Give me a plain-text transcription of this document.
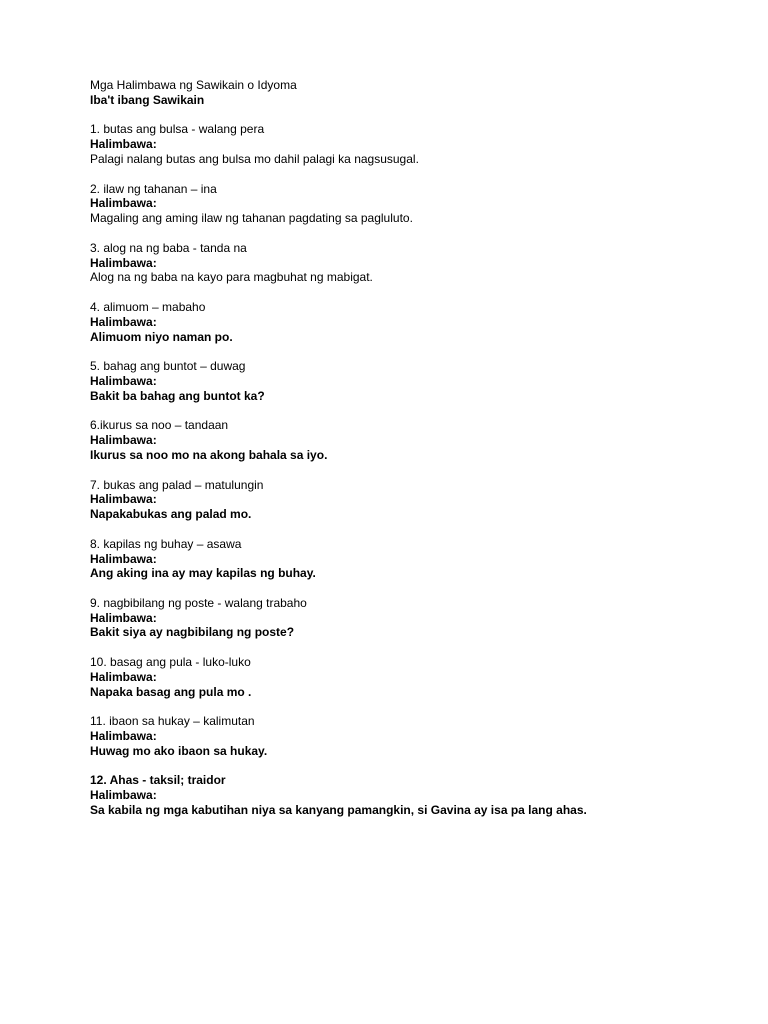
Mga Halimbawa ng Sawikain o Idyoma

Iba't ibang Sawikain

1. butas ang bulsa - walang pera

Halimbawa:

Palagi nalang butas ang bulsa mo dahil palagi ka nagsusugal.

2. ilaw ng tahanan – ina

Halimbawa:

Magaling ang aming ilaw ng tahanan pagdating sa pagluluto.

3. alog na ng baba - tanda na

Halimbawa:

Alog na ng baba na kayo para magbuhat ng mabigat.

4. alimuom – mabaho

Halimbawa:

Alimuom niyo naman po.

5. bahag ang buntot – duwag

Halimbawa:

Bakit ba bahag ang buntot ka?

6.ikurus sa noo – tandaan

Halimbawa:

Ikurus sa noo mo na akong bahala sa iyo.

7. bukas ang palad – matulungin

Halimbawa:

Napakabukas ang palad mo.

8. kapilas ng buhay – asawa

Halimbawa:

Ang aking ina ay may kapilas ng buhay.

9. nagbibilang ng poste - walang trabaho

Halimbawa:

Bakit siya ay nagbibilang ng poste?

10. basag ang pula - luko-luko

Halimbawa:

Napaka basag ang pula mo .

11. ibaon sa hukay – kalimutan

Halimbawa:

Huwag mo ako ibaon sa hukay.

12. Ahas - taksil; traidor

Halimbawa:

Sa kabila ng mga kabutihan niya sa kanyang pamangkin, si Gavina ay isa pa lang ahas.
